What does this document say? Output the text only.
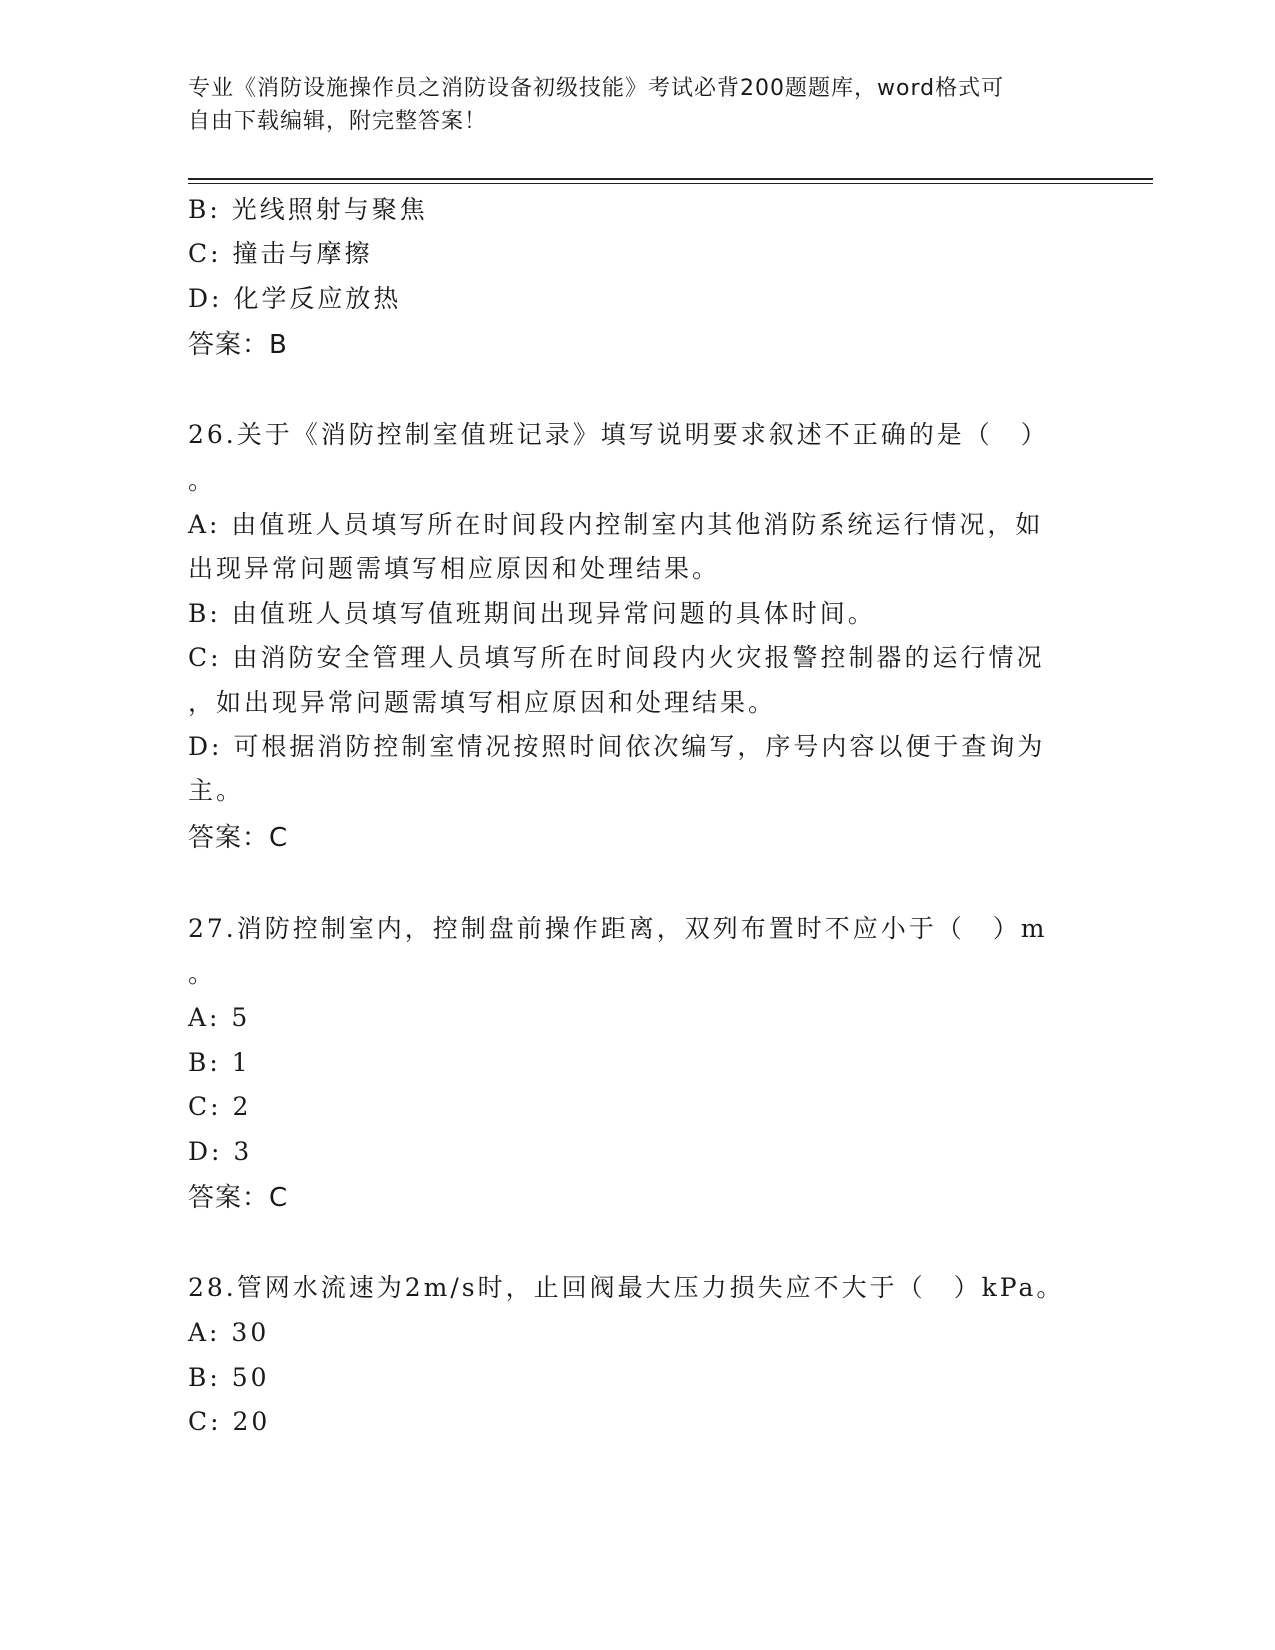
专业《消防设施操作员之消防设备初级技能》考试必背200题题库，word格式可
自由下载编辑，附完整答案！
B: 光线照射与聚焦
C: 撞击与摩擦
D: 化学反应放热
答案：B
26.关于《消防控制室值班记录》填写说明要求叙述不正确的是（　）
。
A: 由值班人员填写所在时间段内控制室内其他消防系统运行情况，如
出现异常问题需填写相应原因和处理结果。
B: 由值班人员填写值班期间出现异常问题的具体时间。
C: 由消防安全管理人员填写所在时间段内火灾报警控制器的运行情况
，如出现异常问题需填写相应原因和处理结果。
D: 可根据消防控制室情况按照时间依次编写，序号内容以便于查询为
主。
答案：C
27.消防控制室内，控制盘前操作距离，双列布置时不应小于（　）m
。
A: 5
B: 1
C: 2
D: 3
答案：C
28.管网水流速为2m/s时，止回阀最大压力损失应不大于（　）kPa。
A: 30
B: 50
C: 20
